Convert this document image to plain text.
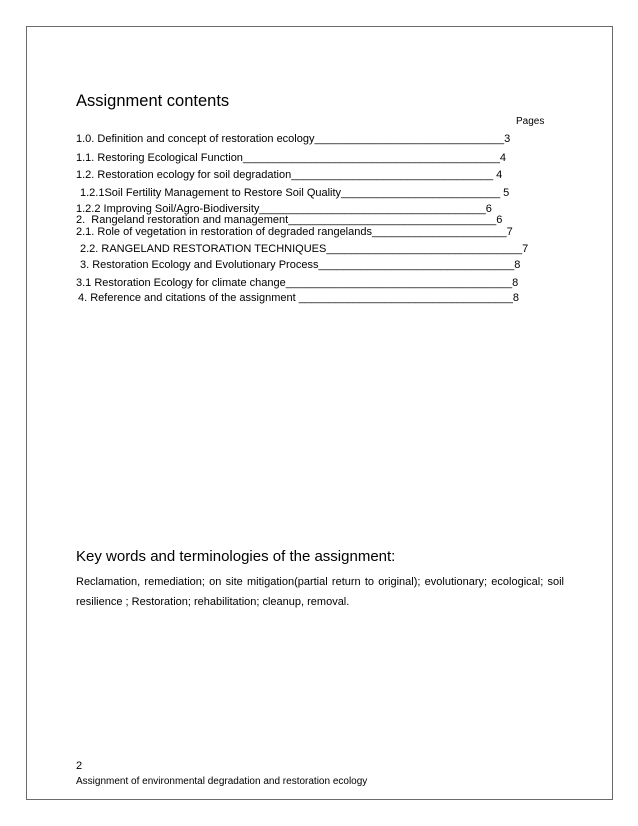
Assignment contents
Pages
1.0. Definition and concept of restoration ecology_______________________________3
1.1. Restoring Ecological Function__________________________________________4
1.2. Restoration ecology for soil degradation_________________________________ 4
1.2.1Soil Fertility Management to Restore Soil Quality__________________________ 5
1.2.2 Improving Soil/Agro-Biodiversity_____________________________________6
2.  Rangeland restoration and management__________________________________6
2.1. Role of vegetation in restoration of degraded rangelands______________________7
2.2. RANGELAND RESTORATION TECHNIQUES________________________________7
3. Restoration Ecology and Evolutionary Process________________________________8
3.1 Restoration Ecology for climate change_____________________________________8
4. Reference and citations of the assignment ___________________________________8
Key words and terminologies of the assignment:

Reclamation, remediation; on site mitigation(partial return to original); evolutionary; ecological; soil resilience ; Restoration; rehabilitation; cleanup, removal.

2
Assignment of environmental degradation and restoration ecology
